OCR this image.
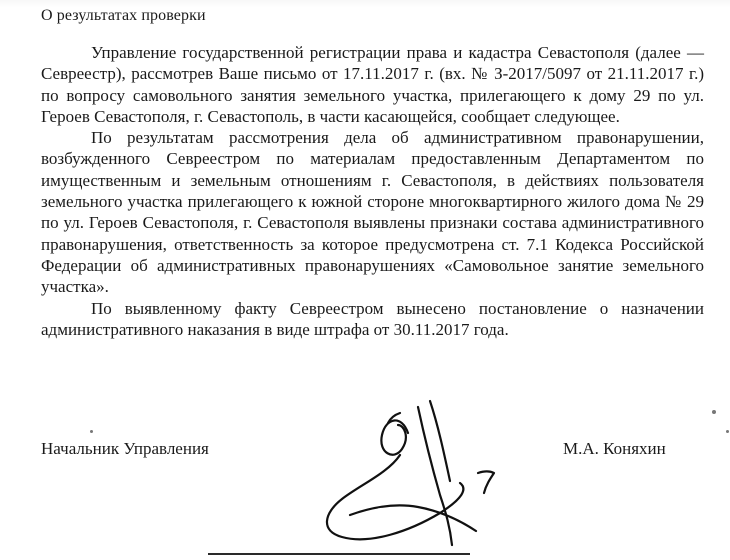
О результатах проверки

Управление государственной регистрации права и кадастра Севастополя (далее — Севреестр), рассмотрев Ваше письмо от 17.11.2017 г. (вх. № З-2017/5097 от 21.11.2017 г.) по вопросу самовольного занятия земельного участка, прилегающего к дому 29 по ул. Героев Севастополя, г. Севастополь, в части касающейся, сообщает следующее.

По результатам рассмотрения дела об административном правонарушении, возбужденного Севреестром по материалам предоставленным Департаментом по имущественным и земельным отношениям г. Севастополя, в действиях пользователя земельного участка прилегающего к южной стороне многоквартирного жилого дома № 29 по ул. Героев Севастополя, г. Севастополя выявлены признаки состава административного правонарушения, ответственность за которое предусмотрена ст. 7.1 Кодекса Российской Федерации об административных правонарушениях «Самовольное занятие земельного участка».

По выявленному факту Севреестром вынесено постановление о назначении административного наказания в виде штрафа от 30.11.2017 года.

Начальник Управления	М.А. Коняхин
